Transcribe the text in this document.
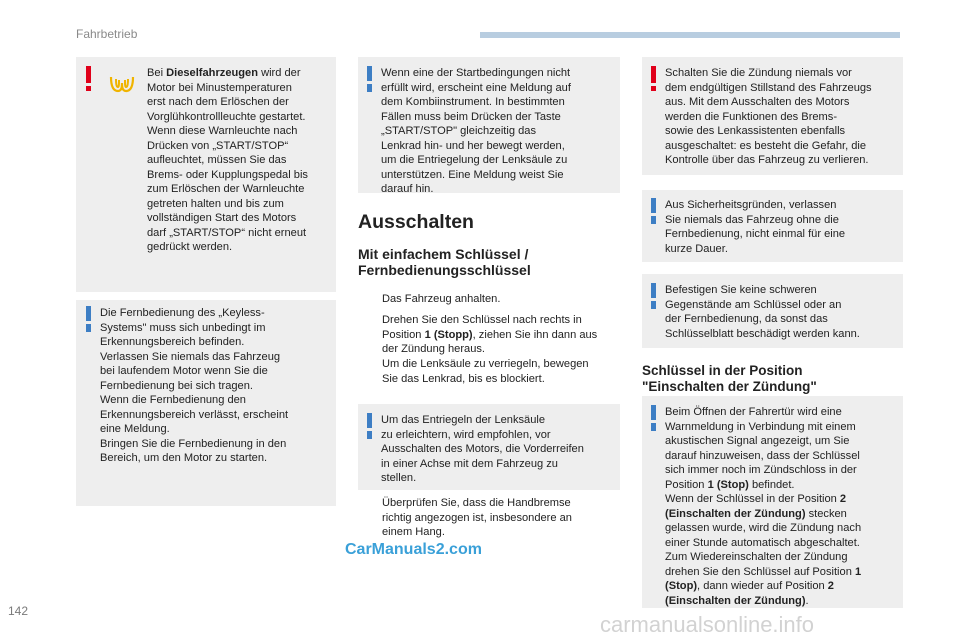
Fahrbetrieb

Bei Dieselfahrzeugen wird der

Motor bei Minustemperaturen

erst nach dem Erlöschen der

Vorglühkontrollleuchte gestartet.

Wenn diese Warnleuchte nach

Drücken von „START/STOP“

aufleuchtet, müssen Sie das

Brems- oder Kupplungspedal bis

zum Erlöschen der Warnleuchte

getreten halten und bis zum

vollständigen Start des Motors

darf „START/STOP“ nicht erneut

gedrückt werden.

Die Fernbedienung des „Keyless-

Systems" muss sich unbedingt im

Erkennungsbereich befinden.

Verlassen Sie niemals das Fahrzeug

bei laufendem Motor wenn Sie die

Fernbedienung bei sich tragen.

Wenn die Fernbedienung den

Erkennungsbereich verlässt, erscheint

eine Meldung.

Bringen Sie die Fernbedienung in den

Bereich, um den Motor zu starten.

Wenn eine der Startbedingungen nicht

erfüllt wird, erscheint eine Meldung auf

dem Kombiinstrument. In bestimmten

Fällen muss beim Drücken der Taste

„START/STOP" gleichzeitig das

Lenkrad hin- und her bewegt werden,

um die Entriegelung der Lenksäule zu

unterstützen. Eine Meldung weist Sie

darauf hin.

Ausschalten
Mit einfachem Schlüssel /
Fernbedienungsschlüssel
Das Fahrzeug anhalten.
Drehen Sie den Schlüssel nach rechts in
Position 1 (Stopp), ziehen Sie ihn dann aus
der Zündung heraus.
Um die Lenksäule zu verriegeln, bewegen
Sie das Lenkrad, bis es blockiert.

Um das Entriegeln der Lenksäule

zu erleichtern, wird empfohlen, vor

Ausschalten des Motors, die Vorderreifen

in einer Achse mit dem Fahrzeug zu

stellen.

Überprüfen Sie, dass die Handbremse
richtig angezogen ist, insbesondere an
einem Hang.

Schalten Sie die Zündung niemals vor

dem endgültigen Stillstand des Fahrzeugs

aus. Mit dem Ausschalten des Motors

werden die Funktionen des Brems-

sowie des Lenkassistenten ebenfalls

ausgeschaltet: es besteht die Gefahr, die

Kontrolle über das Fahrzeug zu verlieren.

Aus Sicherheitsgründen, verlassen

Sie niemals das Fahrzeug ohne die

Fernbedienung, nicht einmal für eine

kurze Dauer.

Befestigen Sie keine schweren

Gegenstände am Schlüssel oder an

der Fernbedienung, da sonst das

Schlüsselblatt beschädigt werden kann.

Schlüssel in der Position
"Einschalten der Zündung"

Beim Öffnen der Fahrertür wird eine

Warnmeldung in Verbindung mit einem

akustischen Signal angezeigt, um Sie

darauf hinzuweisen, dass der Schlüssel

sich immer noch im Zündschloss in der

Position 1 (Stop) befindet.

Wenn der Schlüssel in der Position 2

(Einschalten der Zündung) stecken

gelassen wurde, wird die Zündung nach

einer Stunde automatisch abgeschaltet.

Zum Wiedereinschalten der Zündung

drehen Sie den Schlüssel auf Position 1

(Stop), dann wieder auf Position 2

(Einschalten der Zündung).

CarManuals2.com
142
carmanualsonline.info
